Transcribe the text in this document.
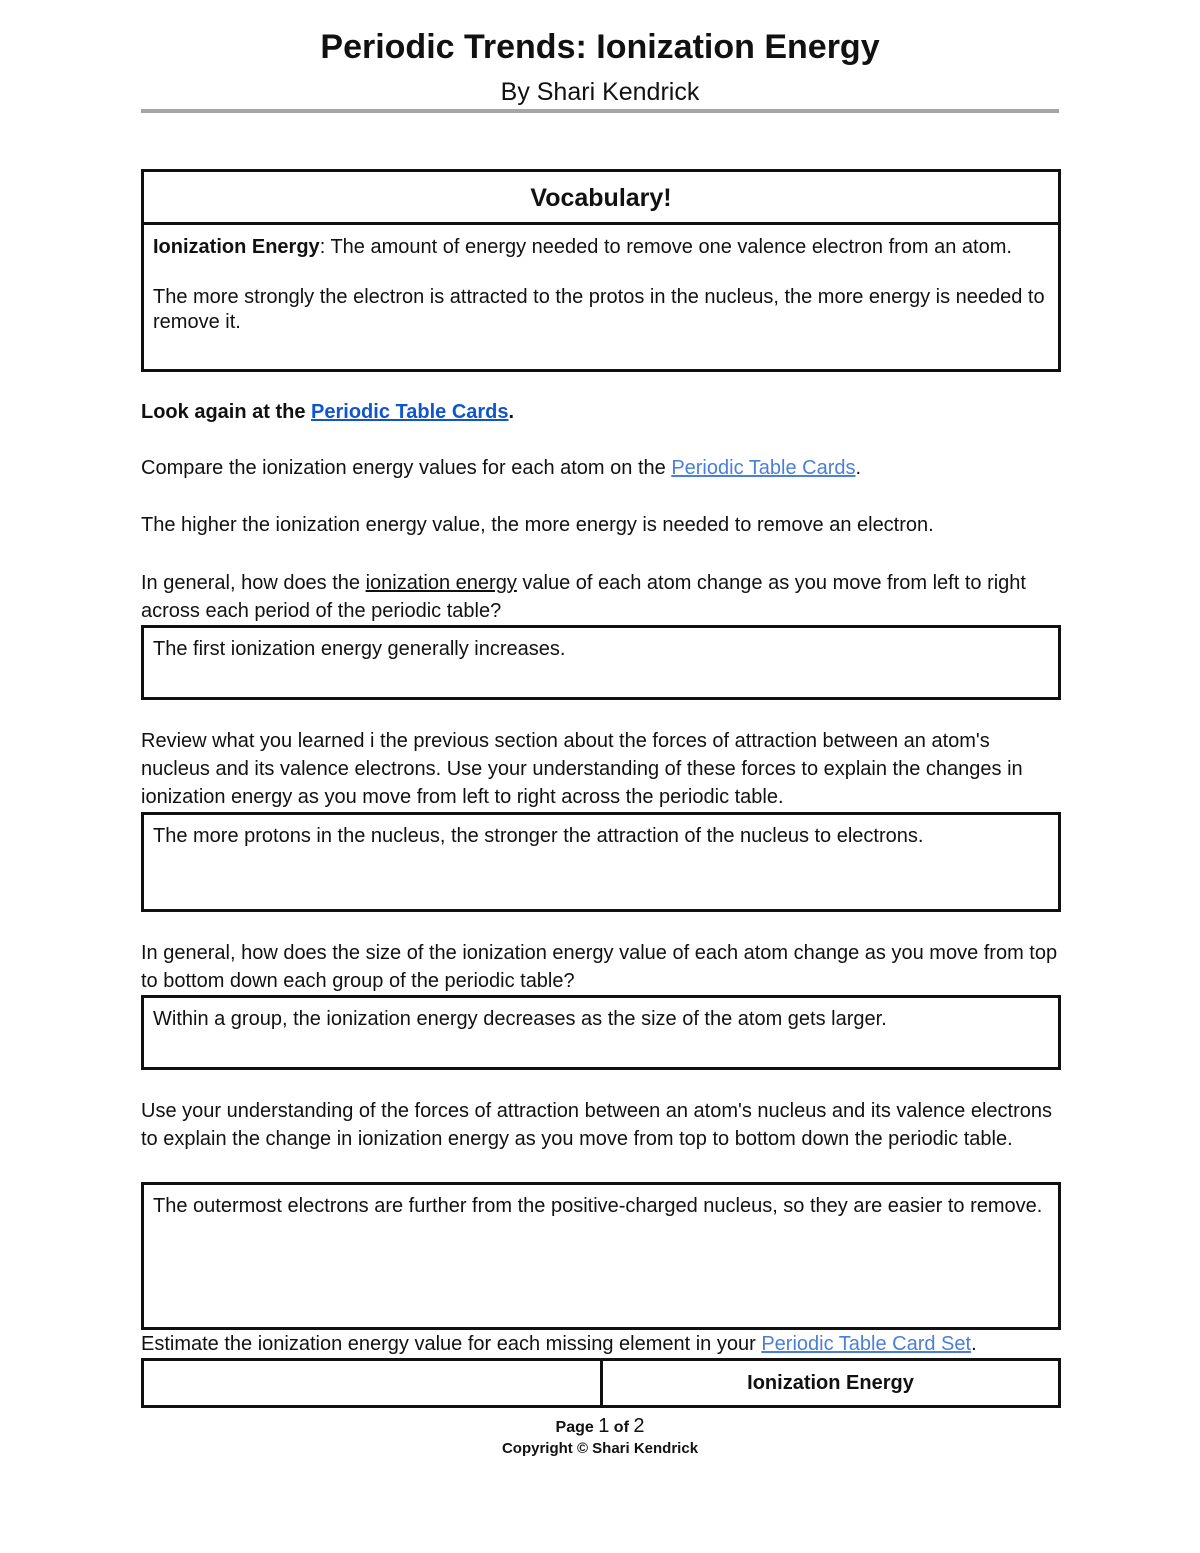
Periodic Trends: Ionization Energy
By Shari Kendrick
Vocabulary!
Ionization Energy: The amount of energy needed to remove one valence electron from an atom.
The more strongly the electron is attracted to the protos in the nucleus, the more energy is needed to remove it.
Look again at the Periodic Table Cards.
Compare the ionization energy values for each atom on the Periodic Table Cards.
The higher the ionization energy value, the more energy is needed to remove an electron.
In general, how does the ionization energy value of each atom change as you move from left to right across each period of the periodic table?
The first ionization energy generally increases.
Review what you learned i the previous section about the forces of attraction between an atom's nucleus and its valence electrons. Use your understanding of these forces to explain the changes in ionization energy as you move from left to right across the periodic table.
The more protons in the nucleus, the stronger the attraction of the nucleus to electrons.
In general, how does the size of the ionization energy value of each atom change as you move from top to bottom down each group of the periodic table?
Within a group, the ionization energy decreases as the size of the atom gets larger.
Use your understanding of the forces of attraction between an atom's nucleus and its valence electrons to explain the change in ionization energy as you move from top to bottom down the periodic table.
The outermost electrons are further from the positive-charged nucleus, so they are easier to remove.
Estimate the ionization energy value for each missing element in your Periodic Table Card Set.
Ionization Energy
Page 1 of 2
Copyright © Shari Kendrick
